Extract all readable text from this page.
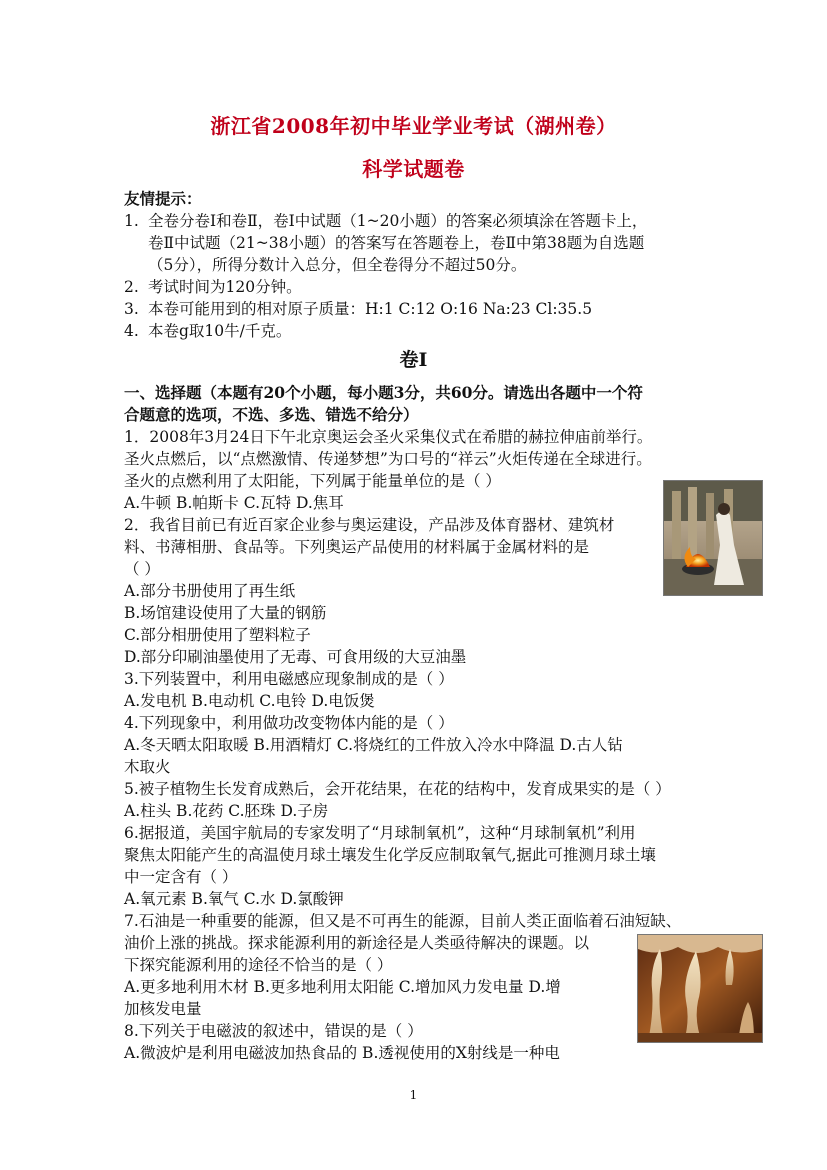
浙江省2008年初中毕业学业考试（湖州卷）
科学试题卷
友情提示：
1. 全卷分卷Ⅰ和卷Ⅱ，卷Ⅰ中试题（1~20小题）的答案必须填涂在答题卡上，
卷Ⅱ中试题（21~38小题）的答案写在答题卷上，卷Ⅱ中第38题为自选题
（5分），所得分数计入总分，但全卷得分不超过50分。
2. 考试时间为120分钟。
3. 本卷可能用到的相对原子质量：H:1 C:12 O:16 Na:23 Cl:35.5
4. 本卷g取10牛/千克。
卷Ⅰ
一、选择题（本题有20个小题，每小题3分，共60分。请选出各题中一个符
合题意的选项，不选、多选、错选不给分）
1．2008年3月24日下午北京奥运会圣火采集仪式在希腊的赫拉伸庙前举行。
圣火点燃后，以“点燃激情、传递梦想”为口号的“祥云”火炬传递在全球进行。
圣火的点燃利用了太阳能，下列属于能量单位的是（ ）
A.牛顿 B.帕斯卡 C.瓦特 D.焦耳
2．我省目前已有近百家企业参与奥运建设，产品涉及体育器材、建筑材
料、书薄相册、食品等。下列奥运产品使用的材料属于金属材料的是
（ ）
A.部分书册使用了再生纸
B.场馆建设使用了大量的钢筋
C.部分相册使用了塑料粒子
D.部分印刷油墨使用了无毒、可食用级的大豆油墨
3.下列装置中，利用电磁感应现象制成的是（ ）
A.发电机 B.电动机 C.电铃 D.电饭煲
4.下列现象中，利用做功改变物体内能的是（ ）
A.冬天晒太阳取暖 B.用酒精灯 C.将烧红的工件放入冷水中降温 D.古人钻
木取火
5.被子植物生长发育成熟后，会开花结果，在花的结构中，发育成果实的是（ ）
A.柱头 B.花药 C.胚珠 D.子房
6.据报道，美国宇航局的专家发明了“月球制氧机”，这种“月球制氧机”利用
聚焦太阳能产生的高温使月球土壤发生化学反应制取氧气,据此可推测月球土壤
中一定含有（ ）
A.氧元素 B.氧气 C.水 D.氯酸钾
7.石油是一种重要的能源，但又是不可再生的能源，目前人类正面临着石油短缺、
油价上涨的挑战。探求能源利用的新途径是人类亟待解决的课题。以
下探究能源利用的途径不恰当的是（ ）
A.更多地利用木材 B.更多地利用太阳能 C.增加风力发电量 D.增
加核发电量
8.下列关于电磁波的叙述中，错误的是（ ）
A.微波炉是利用电磁波加热食品的 B.透视使用的X射线是一种电
1
